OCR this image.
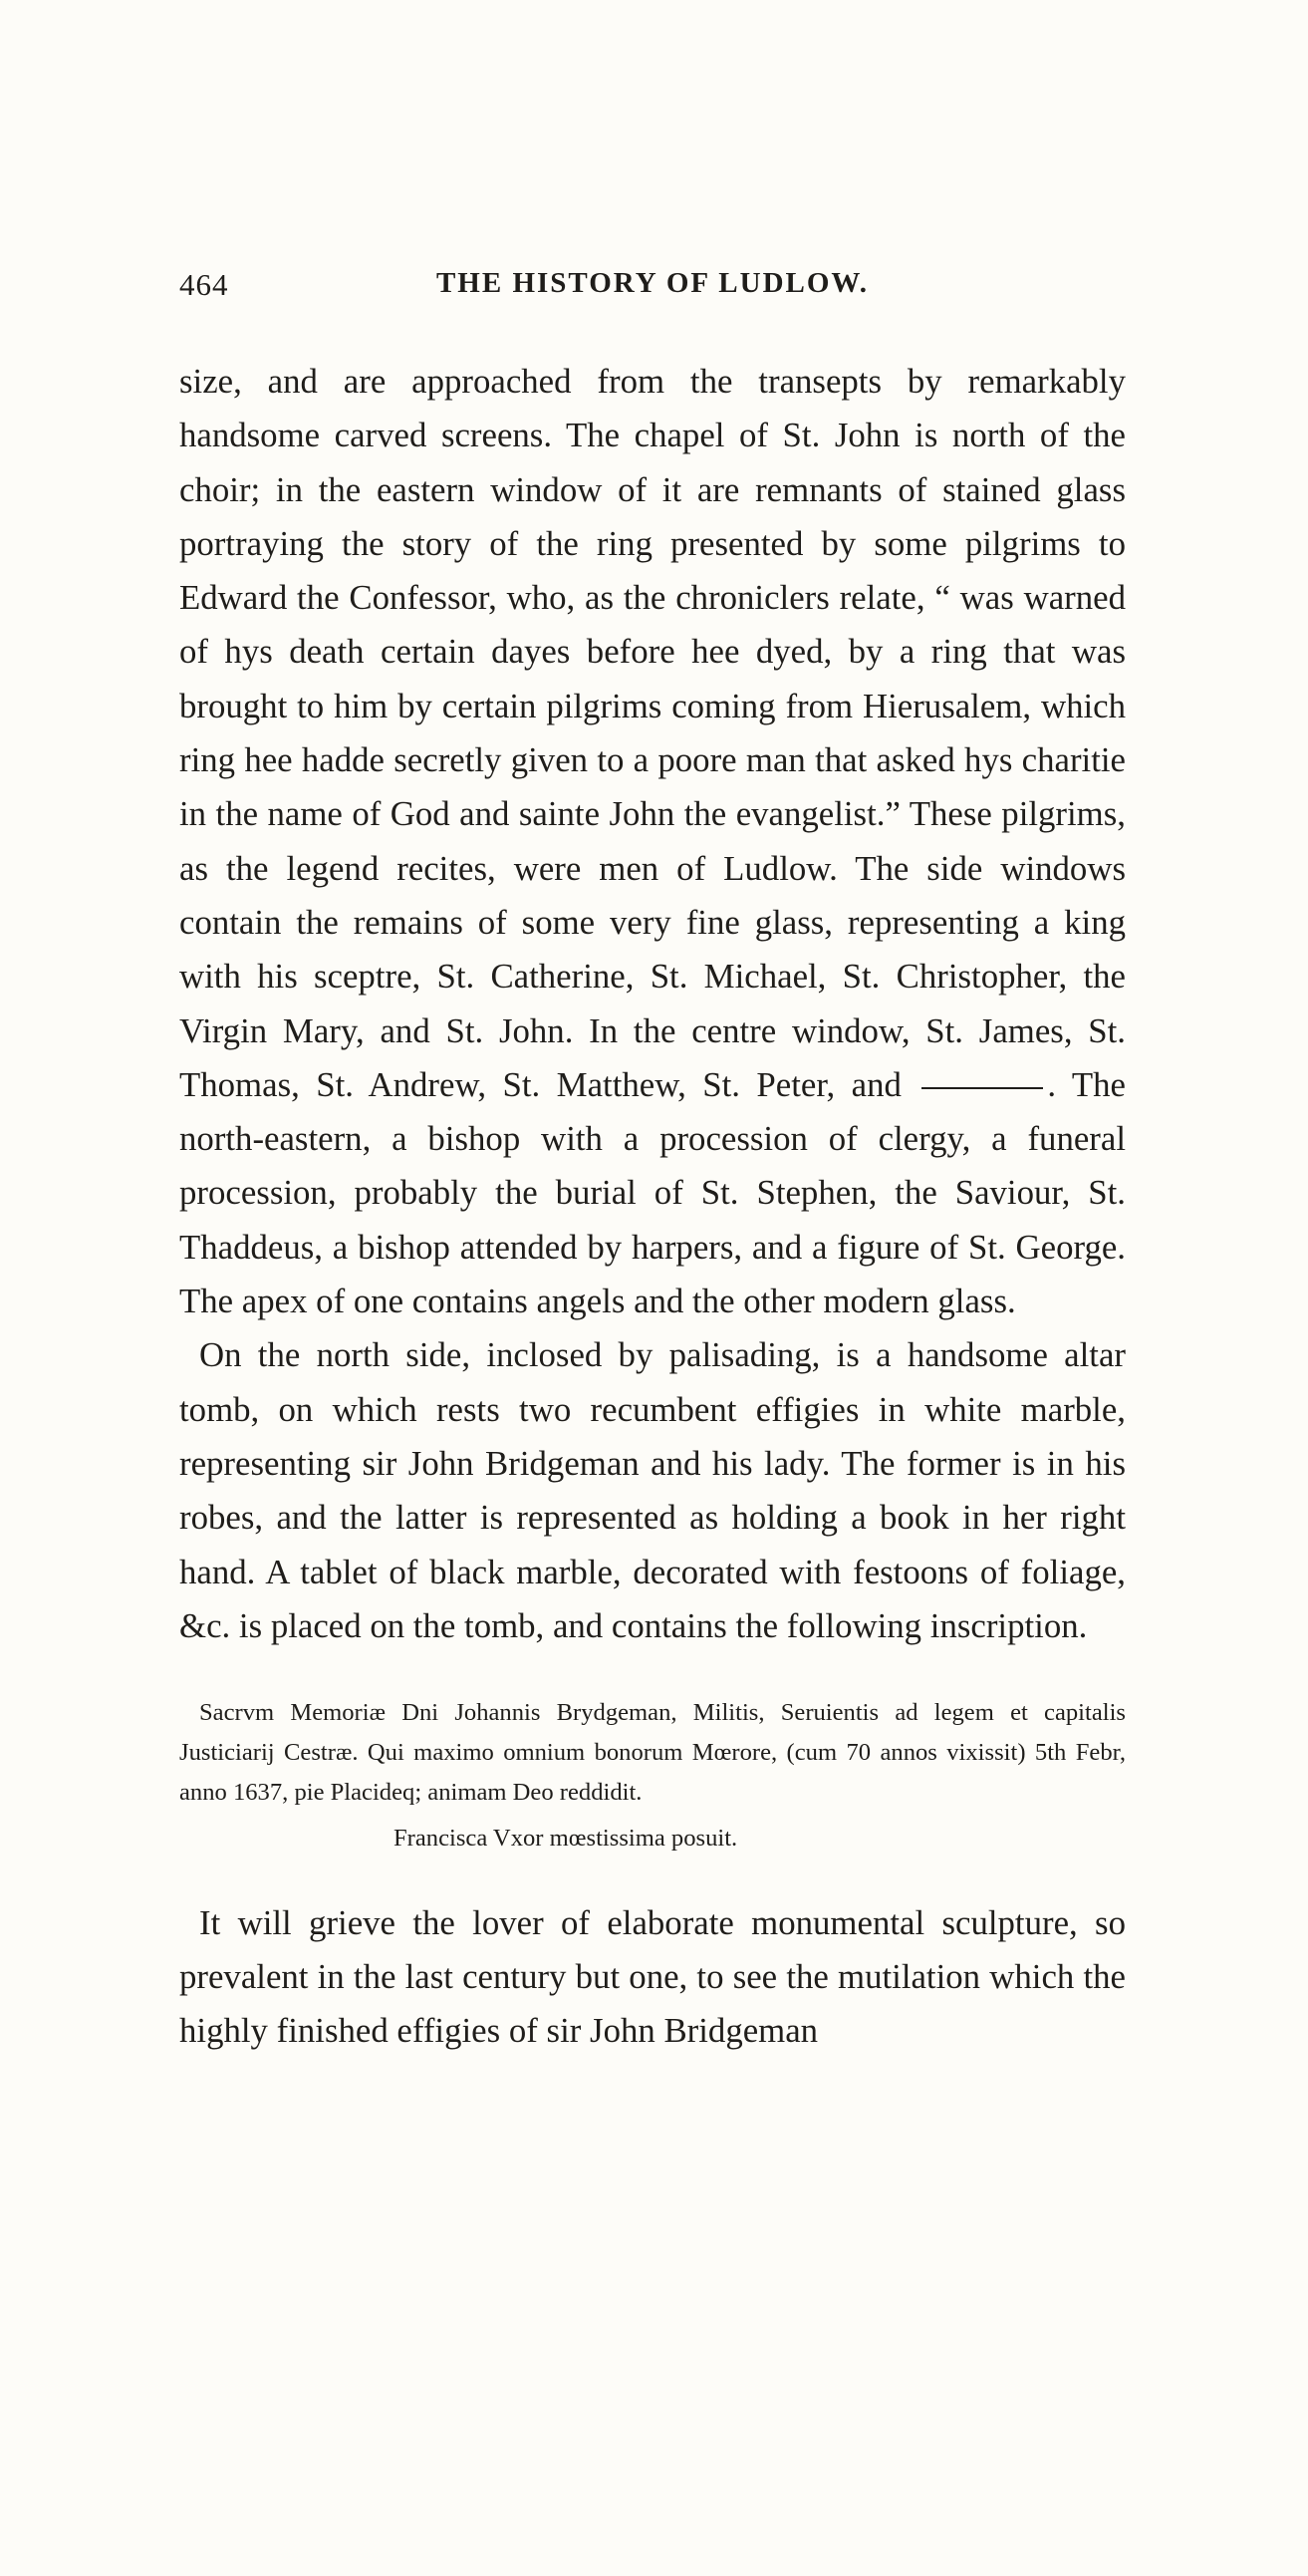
464	THE HISTORY OF LUDLOW.

size, and are approached from the transepts by remarkably handsome carved screens. The chapel of St. John is north of the choir; in the eastern window of it are remnants of stained glass portraying the story of the ring presented by some pilgrims to Edward the Confessor, who, as the chroniclers relate, “ was warned of hys death certain dayes before hee dyed, by a ring that was brought to him by certain pilgrims coming from Hierusalem, which ring hee hadde secretly given to a poore man that asked hys charitie in the name of God and sainte John the evangelist.” These pilgrims, as the legend recites, were men of Ludlow. The side windows contain the remains of some very fine glass, representing a king with his sceptre, St. Catherine, St. Michael, St. Christopher, the Virgin Mary, and St. John. In the centre window, St. James, St. Thomas, St. Andrew, St. Matthew, St. Peter, and	. The north-eastern, a bishop with a procession of clergy, a funeral procession, probably the burial of St. Stephen, the Saviour, St. Thaddeus, a bishop attended by harpers, and a figure of St. George. The apex of one contains angels and the other modern glass.

On the north side, inclosed by palisading, is a handsome altar tomb, on which rests two recumbent effigies in white marble, representing sir John Bridgeman and his lady. The former is in his robes, and the latter is represented as holding a book in her right hand. A tablet of black marble, decorated with festoons of foliage, &c. is placed on the tomb, and contains the following inscription.

Sacrvm Memoriæ Dni Johannis Brydgeman, Militis, Seruientis ad legem et capitalis Justiciarij Cestræ. Qui maximo omnium bonorum Mœrore, (cum 70 annos vixissit) 5th Febr, anno 1637, pie Placideq; animam Deo reddidit.

Francisca Vxor mœstissima posuit.

It will grieve the lover of elaborate monumental sculpture, so prevalent in the last century but one, to see the mutilation which the highly finished effigies of sir John Bridgeman
